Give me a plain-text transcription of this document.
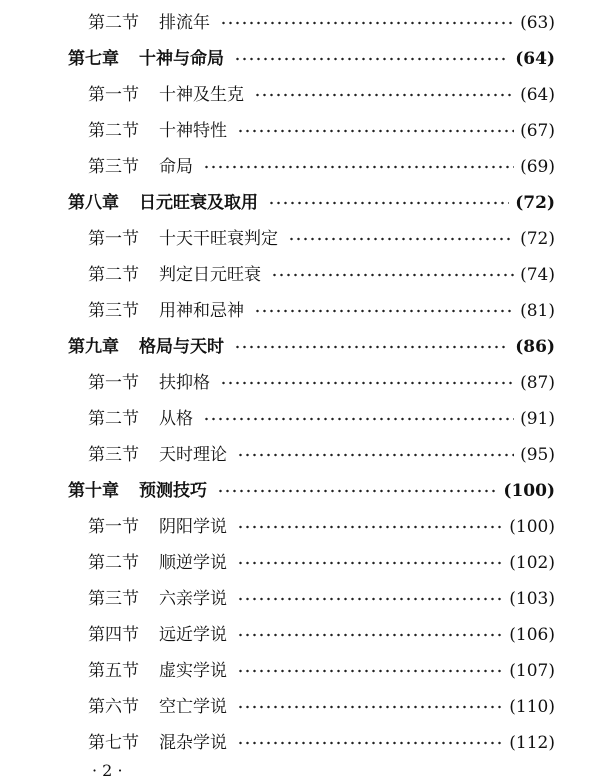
第二节 排流年	(63)
第七章 十神与命局	(64)
第一节 十神及生克	(64)
第二节 十神特性	(67)
第三节 命局	(69)
第八章 日元旺衰及取用	(72)
第一节 十天干旺衰判定	(72)
第二节 判定日元旺衰	(74)
第三节 用神和忌神	(81)
第九章 格局与天时	(86)
第一节 扶抑格	(87)
第二节 从格	(91)
第三节 天时理论	(95)
第十章 预测技巧	(100)
第一节 阴阳学说	(100)
第二节 顺逆学说	(102)
第三节 六亲学说	(103)
第四节 远近学说	(106)
第五节 虚实学说	(107)
第六节 空亡学说	(110)
第七节 混杂学说	(112)
· 2 ·
